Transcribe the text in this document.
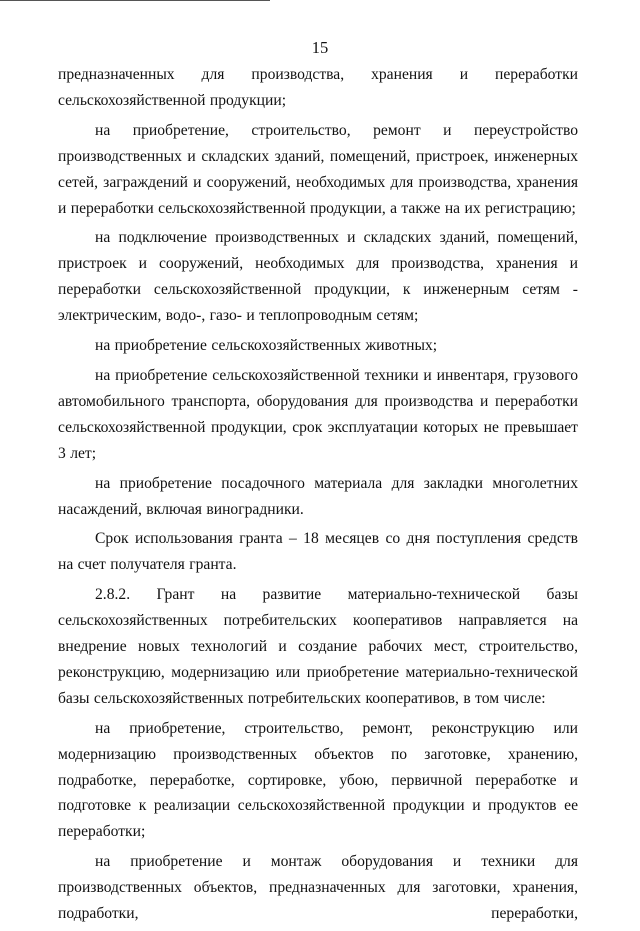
15

предназначенных для производства, хранения и переработки сельскохозяйственной продукции;

на приобретение, строительство, ремонт и переустройство производственных и складских зданий, помещений, пристроек, инженерных сетей, заграждений и сооружений, необходимых для производства, хранения и переработки сельскохозяйственной продукции, а также на их регистрацию;

на подключение производственных и складских зданий, помещений, пристроек и сооружений, необходимых для производства, хранения и переработки сельскохозяйственной продукции, к инженерным сетям - электрическим, водо-, газо- и теплопроводным сетям;

на приобретение сельскохозяйственных животных;

на приобретение сельскохозяйственной техники и инвентаря, грузового автомобильного транспорта, оборудования для производства и переработки сельскохозяйственной продукции, срок эксплуатации которых не превышает 3 лет;

на приобретение посадочного материала для закладки многолетних насаждений, включая виноградники.

Срок использования гранта – 18 месяцев со дня поступления средств на счет получателя гранта.

2.8.2. Грант на развитие материально-технической базы сельскохозяйственных потребительских кооперативов направляется на внедрение новых технологий и создание рабочих мест, строительство, реконструкцию, модернизацию или приобретение материально-технической базы сельскохозяйственных потребительских кооперативов, в том числе:

на приобретение, строительство, ремонт, реконструкцию или модернизацию производственных объектов по заготовке, хранению, подработке, переработке, сортировке, убою, первичной переработке и подготовке к реализации сельскохозяйственной продукции и продуктов ее переработки;

на приобретение и монтаж оборудования и техники для производственных объектов, предназначенных для заготовки, хранения, подработки, переработки,
